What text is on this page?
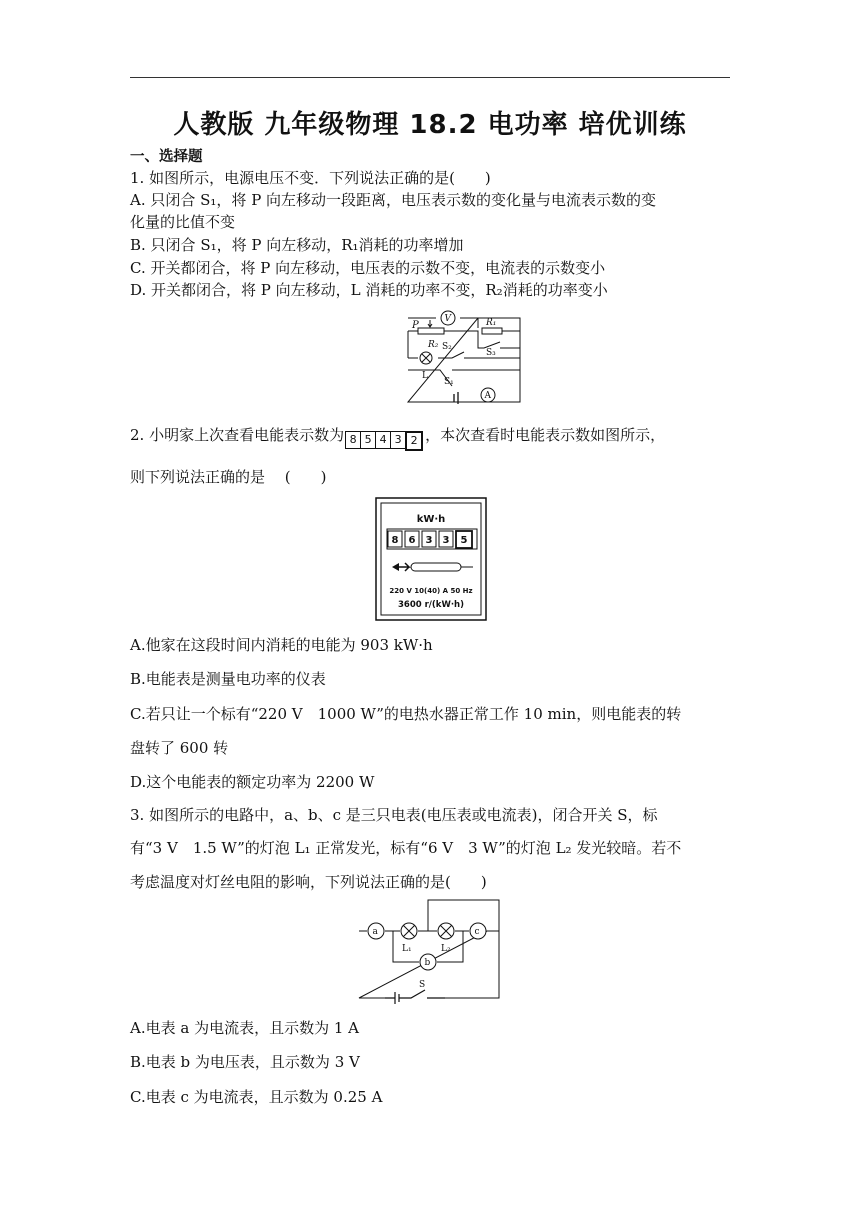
人教版 九年级物理 18.2 电功率 培优训练
一、选择题
1. 如图所示，电源电压不变．下列说法正确的是(　　)
A. 只闭合 S₁，将 P 向左移动一段距离，电压表示数的变化量与电流表示数的变
化量的比值不变
B. 只闭合 S₁，将 P 向左移动，R₁消耗的功率增加
C. 开关都闭合，将 P 向左移动，电压表的示数不变，电流表的示数变小
D. 开关都闭合，将 P 向左移动，L 消耗的功率不变，R₂消耗的功率变小
V
P	R₁
R₂ S₂
S₃
L
S₁
A
2. 小明家上次查看电能表示数为 8 5 4 3 2 ，本次查看时电能表示数如图所示，
则下列说法正确的是　 (　　)
kW·h
8 6 3 3 5
220 V 10(40) A 50 Hz
3600 r/(kW·h)
A.他家在这段时间内消耗的电能为 903 kW·h
B.电能表是测量电功率的仪表
C.若只让一个标有“220 V　1000 W”的电热水器正常工作 10 min，则电能表的转
盘转了 600 转
D.这个电能表的额定功率为 2200 W
3. 如图所示的电路中，a、b、c 是三只电表(电压表或电流表)，闭合开关 S，标
有“3 V　1.5 W”的灯泡 L₁ 正常发光，标有“6 V　3 W”的灯泡 L₂ 发光较暗。若不
考虑温度对灯丝电阻的影响，下列说法正确的是(　　)
a
L₁	L₂
c
b
S
A.电表 a 为电流表，且示数为 1 A
B.电表 b 为电压表，且示数为 3 V
C.电表 c 为电流表，且示数为 0.25 A
